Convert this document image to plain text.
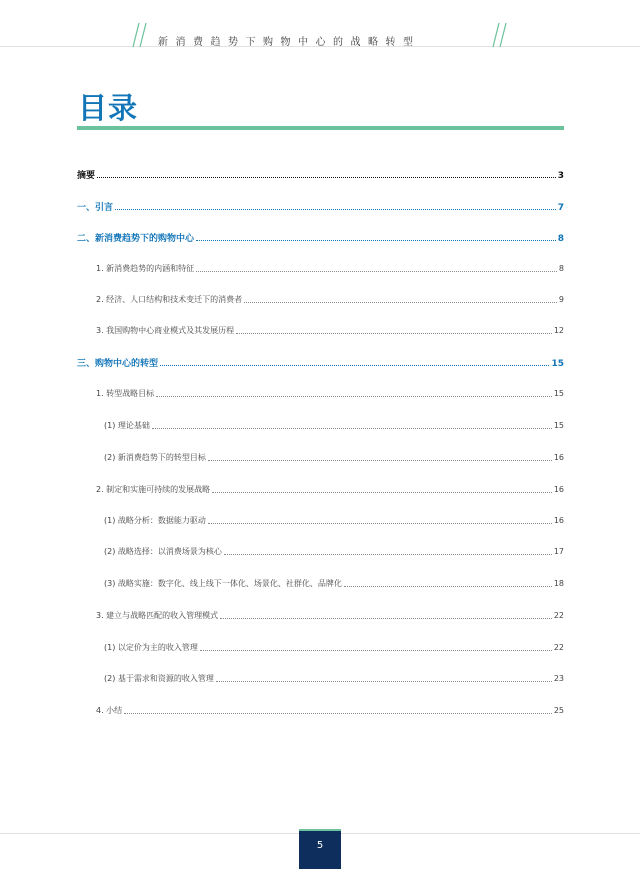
新消费趋势下购物中心的战略转型
目录
摘要	3
一、引言	7
二、新消费趋势下的购物中心	8
1. 新消费趋势的内涵和特征	8
2. 经济、人口结构和技术变迁下的消费者	9
3. 我国购物中心商业模式及其发展历程	12
三、购物中心的转型	15
1. 转型战略目标	15
(1) 理论基础	15
(2) 新消费趋势下的转型目标	16
2. 制定和实施可持续的发展战略	16
(1) 战略分析：数据能力驱动	16
(2) 战略选择：以消费场景为核心	17
(3) 战略实施：数字化、线上线下一体化、场景化、社群化、品牌化	18
3. 建立与战略匹配的收入管理模式	22
(1) 以定价为主的收入管理	22
(2) 基于需求和资源的收入管理	23
4. 小结	25
5
